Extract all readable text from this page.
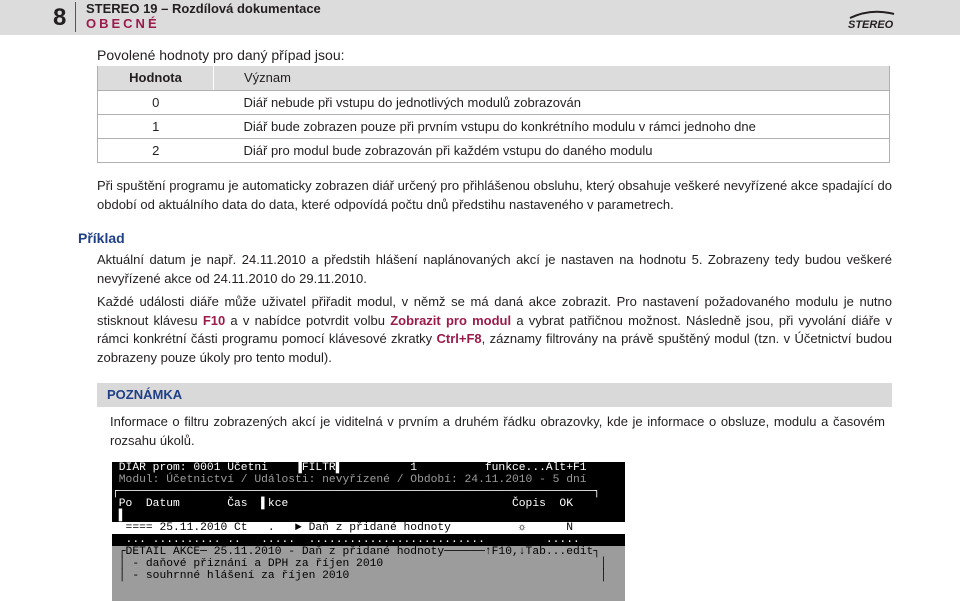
8 STEREO 19 – Rozdílová dokumentace
OBECNÉ	STEREO
Povolené hodnoty pro daný případ jsou:
Hodnota	Význam
0	Diář nebude při vstupu do jednotlivých modulů zobrazován
1	Diář bude zobrazen pouze při prvním vstupu do konkrétního modulu v rámci jednoho dne
2	Diář pro modul bude zobrazován při každém vstupu do daného modulu

Při spuštění programu je automaticky zobrazen diář určený pro přihlášenou obsluhu, který obsahuje veškeré nevyřízené akce spadající do období od aktuálního data do data, které odpovídá počtu dnů předstihu nastaveného v parametrech.

Příklad

Aktuální datum je např. 24.11.2010 a předstih hlášení naplánovaných akcí je nastaven na hodnotu 5. Zobrazeny tedy budou veškeré nevyřízené akce od 24.11.2010 do 29.11.2010.

Každé události diáře může uživatel přiřadit modul, v němž se má daná akce zobrazit. Pro nastavení požadovaného modulu je nutno stisknout klávesu F10 a v nabídce potvrdit volbu Zobrazit pro modul a vybrat patřičnou možnost. Následně jsou, při vyvolání diáře v rámci konkrétní části programu pomocí klávesové zkratky Ctrl+F8, záznamy filtrovány na právě spuštěný modul (tzn. v Účetnictví budou zobrazeny pouze úkoly pro tento modul).

POZNÁMKA

Informace o filtru zobrazených akcí je viditelná v prvním a druhém řádku obrazovky, kde je informace o obsluze, modulu a časovém rozsahu úkolů.

DIÁŘ prom: 0001 Účetni    ▐FILTR▌          1          funkce...Alt+F1
Modul: Účetnictví / Události: nevyřízené / Období: 24.11.2010 - 5 dní
┌──────────────────────────────────────────────────────────────────────┐
Po  Datum       Čas  ▌kce                                 Čopis  OK
▌
==== 25.11.2010 Čt   .   ► Daň z přidané hodnoty          ☼      N
... .......... ..   .....  ..........................         .....
┌DETAIL AKCE─ 25.11.2010 - Daň z přidané hodnoty──────↑F10,↓Tab...edit┐
│ - daňové přiznání a DPH za říjen 2010                                │
│ - souhrnné hlášení za říjen 2010                                     │
